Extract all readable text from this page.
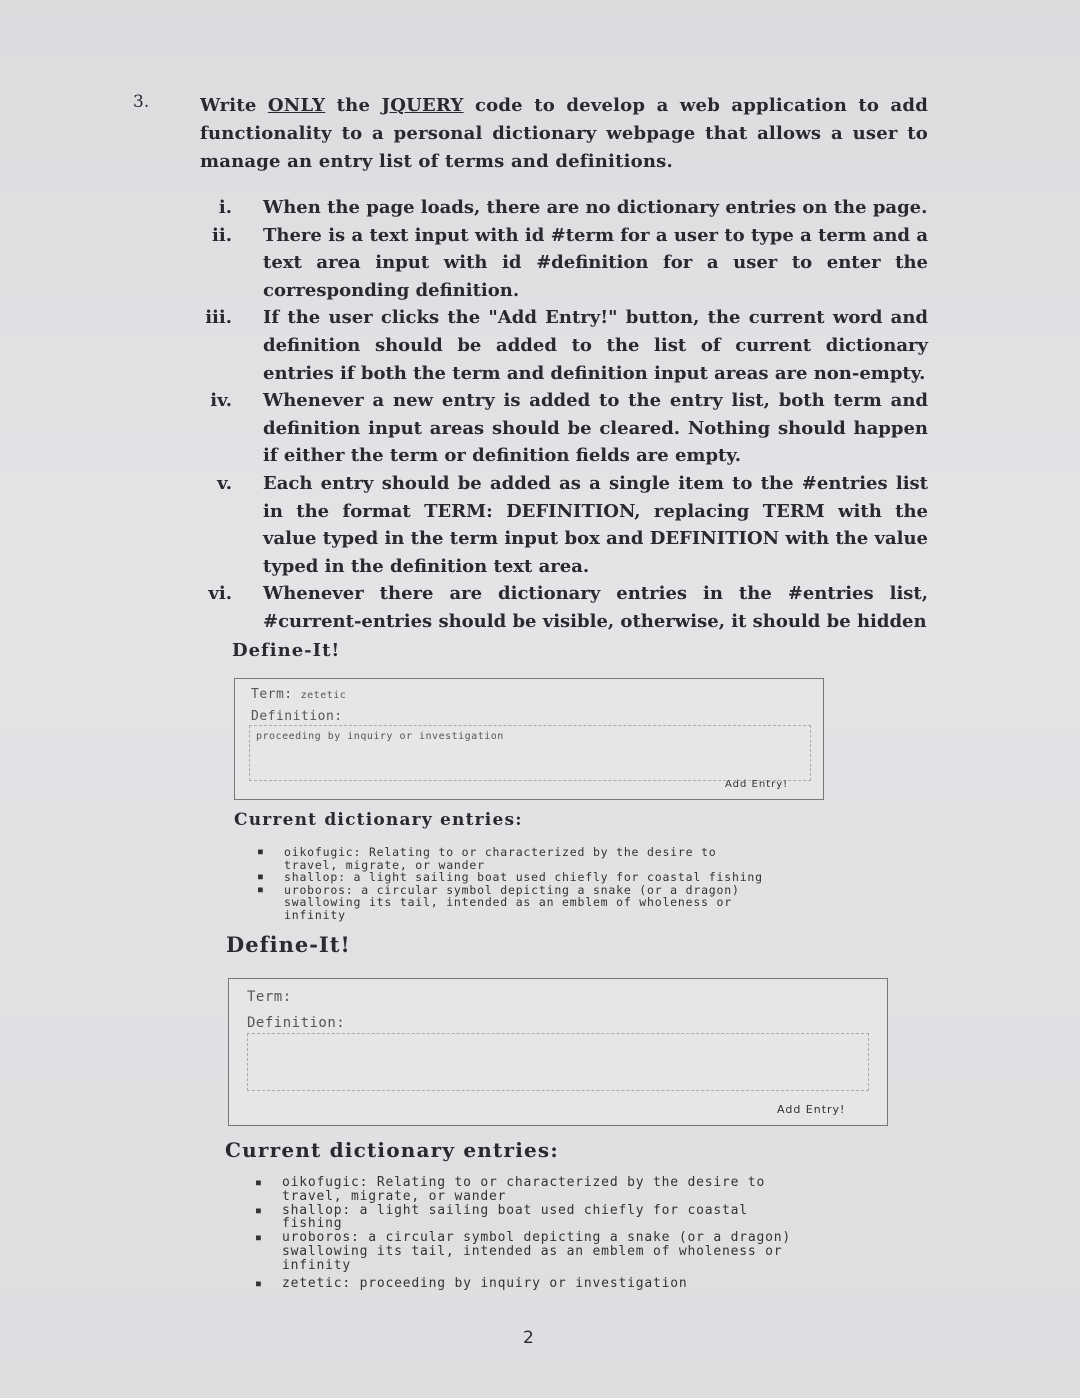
3.	Write ONLY the JQUERY code to develop a web application to add functionality to a personal dictionary webpage that allows a user to manage an entry list of terms and definitions.
i. When the page loads, there are no dictionary entries on the page.
ii. There is a text input with id #term for a user to type a term and a text area input with id #definition for a user to enter the corresponding definition.
iii. If the user clicks the "Add Entry!" button, the current word and definition should be added to the list of current dictionary entries if both the term and definition input areas are non-empty.
iv. Whenever a new entry is added to the entry list, both term and definition input areas should be cleared. Nothing should happen if either the term or definition fields are empty.
v. Each entry should be added as a single item to the #entries list in the format TERM: DEFINITION, replacing TERM with the value typed in the term input box and DEFINITION with the value typed in the definition text area.
vi. Whenever there are dictionary entries in the #entries list, #current-entries should be visible, otherwise, it should be hidden
Define-It!
Term: zetetic
Definition:
proceeding by inquiry or investigation
Add Entry!
Current dictionary entries:
■ oikofugic: Relating to or characterized by the desire to travel, migrate, or wander
■ shallop: a light sailing boat used chiefly for coastal fishing
■ uroboros: a circular symbol depicting a snake (or a dragon) swallowing its tail, intended as an emblem of wholeness or infinity
Define-It!
Term:
Definition:
Add Entry!
Current dictionary entries:
■ oikofugic: Relating to or characterized by the desire to travel, migrate, or wander
■ shallop: a light sailing boat used chiefly for coastal fishing
■ uroboros: a circular symbol depicting a snake (or a dragon) swallowing its tail, intended as an emblem of wholeness or infinity
■ zetetic: proceeding by inquiry or investigation
2
